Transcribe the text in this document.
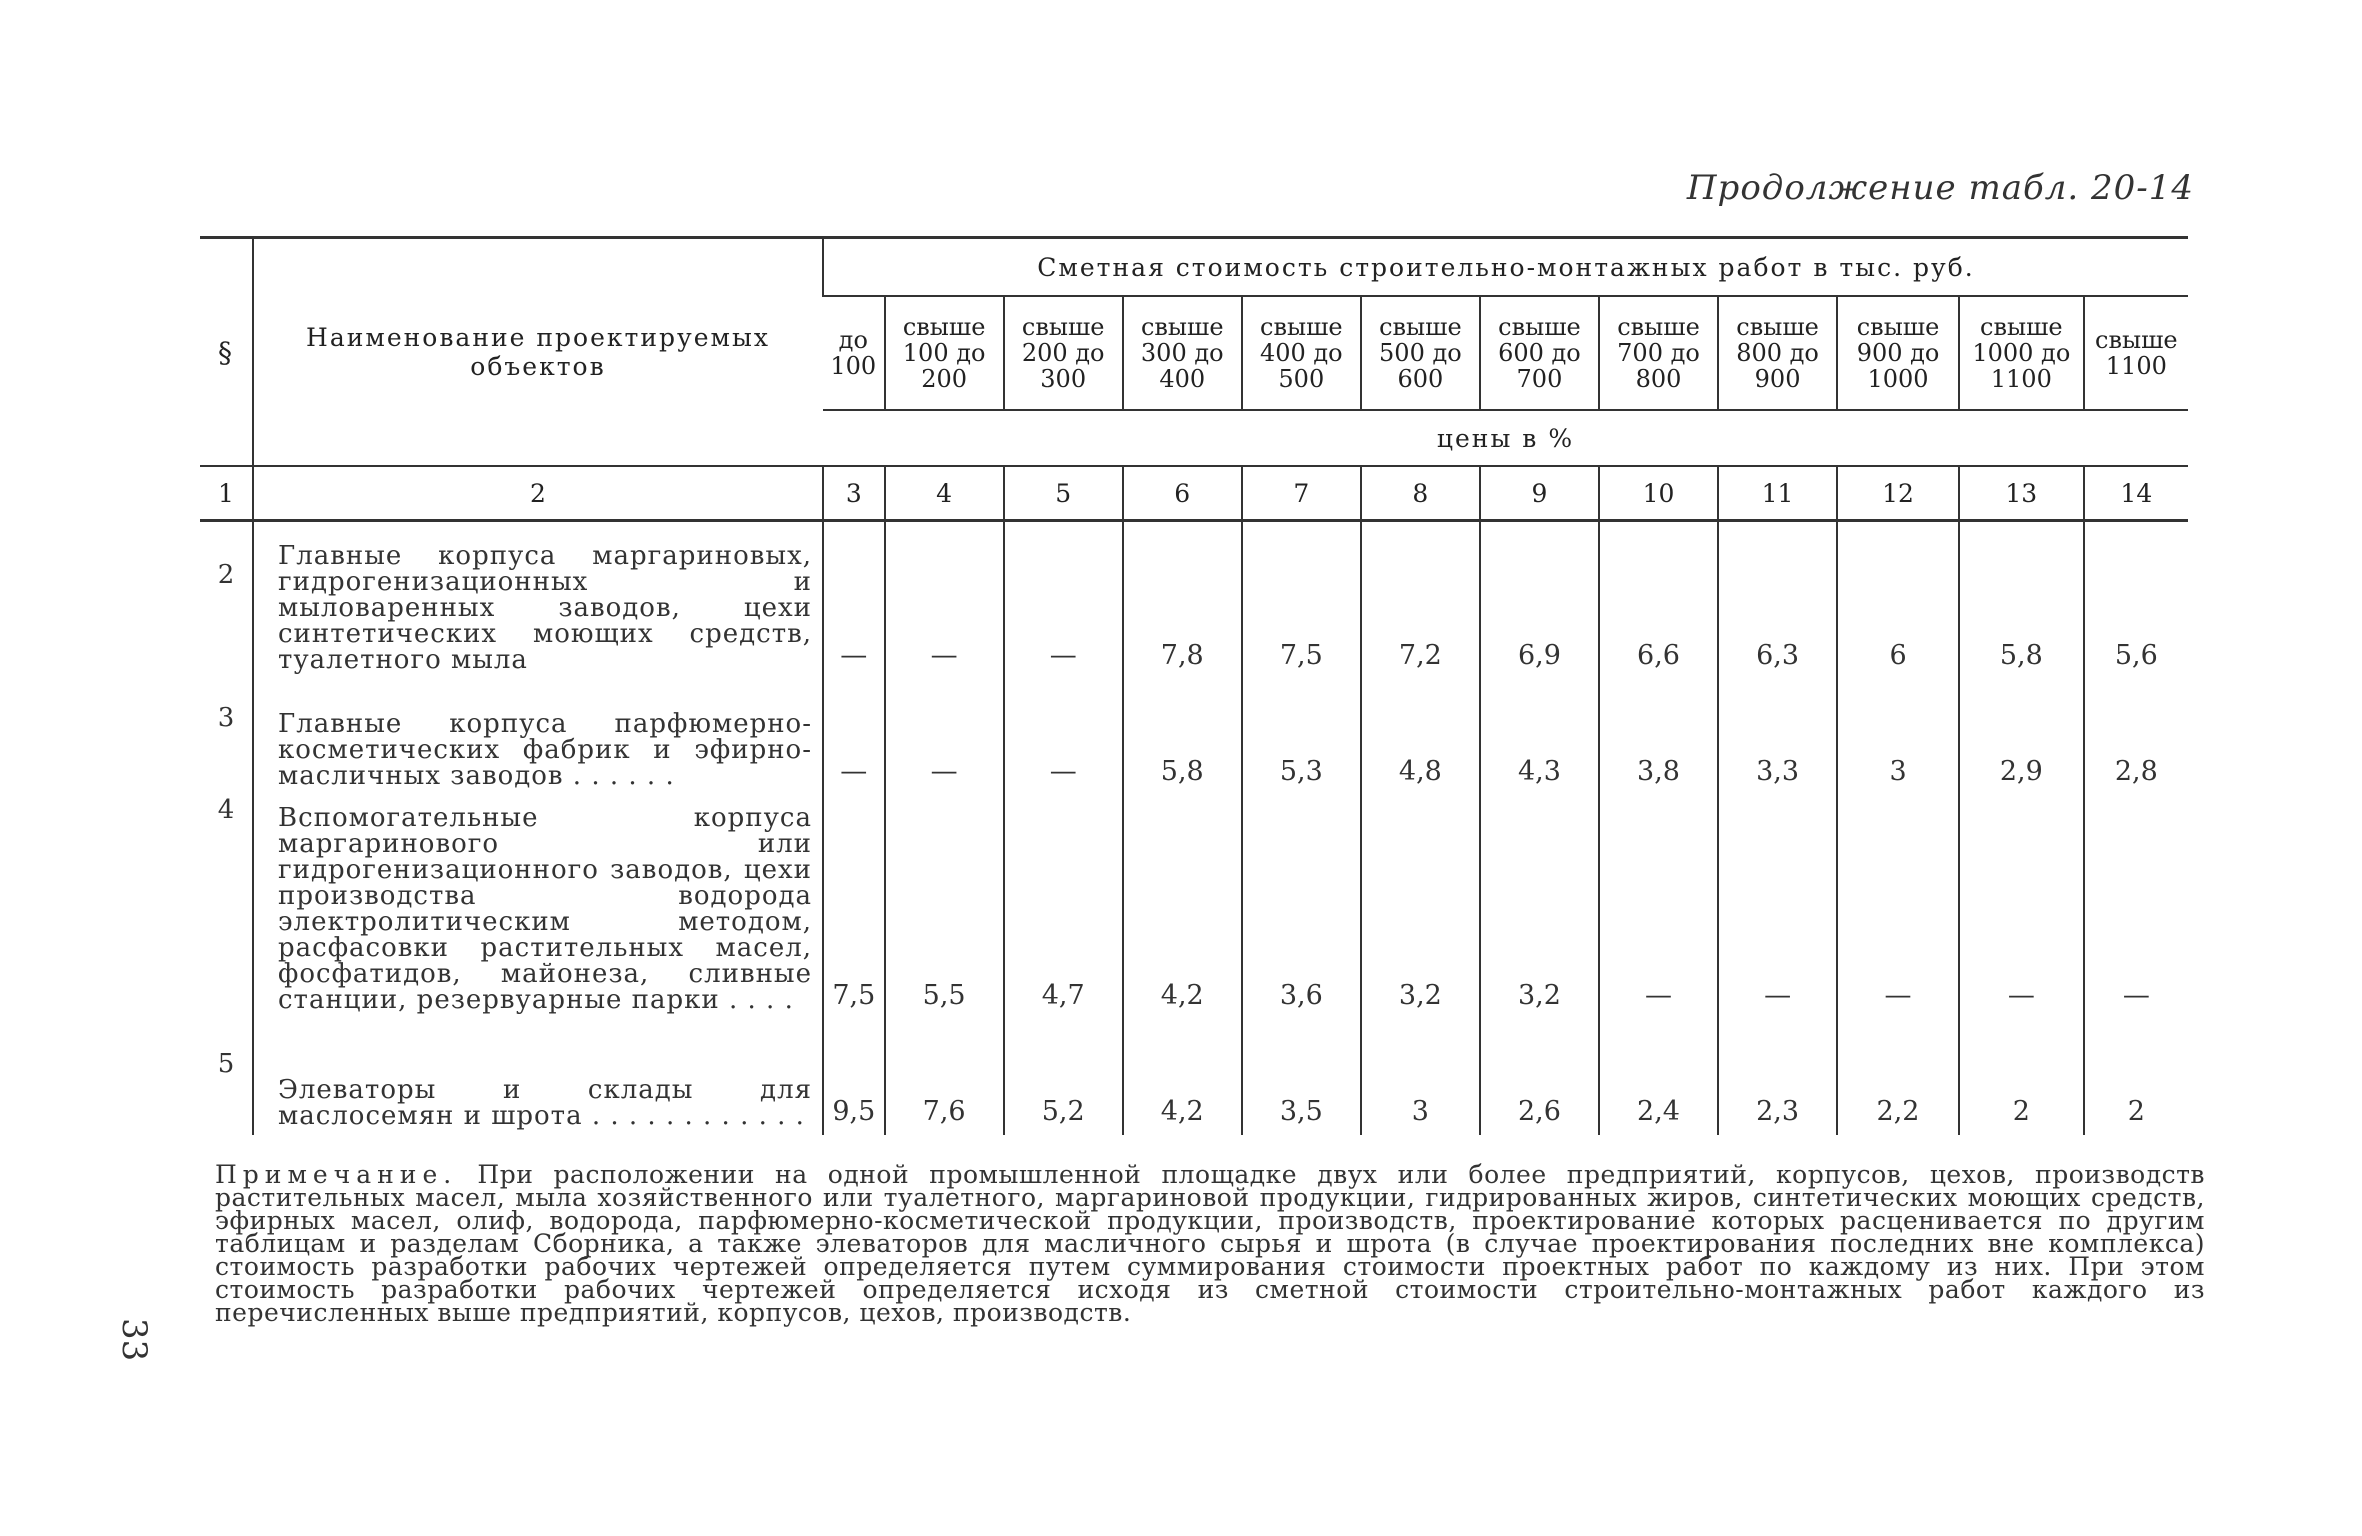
Продолжение табл. 20-14
§	Наименование проектируемых объектов	Сметная стоимость строительно-монтажных работ в тыс. руб.											
		до 100	свыше 100 до 200	свыше 200 до 300	свыше 300 до 400	свыше 400 до 500	свыше 500 до 600	свыше 600 до 700	свыше 700 до 800	свыше 800 до 900	свыше 900 до 1000	свыше 1000 до 1100	свыше 1100
		цены в %											
1	2	3	4	5	6	7	8	9	10	11	12	13	14
2	Главные корпуса маргариновых, гидрогенизационных и мыловаренных заводов, цехи синтетических моющих средств, туалетного мыла	—	—	—	7,8	7,5	7,2	6,9	6,6	6,3	6	5,8	5,6
3	Главные корпуса парфюмерно-косметических фабрик и эфирно-масличных заводов . . . . . .	—	—	—	5,8	5,3	4,8	4,3	3,8	3,3	3	2,9	2,8
4	Вспомогательные корпуса маргаринового или гидрогенизационного заводов, цехи производства водорода электролитическим методом, расфасовки растительных масел, фосфатидов, майонеза, сливные станции, резервуарные парки . . . .	7,5	5,5	4,7	4,2	3,6	3,2	3,2	—	—	—	—	—
5	Элеваторы и склады для маслосемян и шрота . . . . . . . . . . . .	9,5	7,6	5,2	4,2	3,5	3	2,6	2,4	2,3	2,2	2	2
Примечание. При расположении на одной промышленной площадке двух или более предприятий, корпусов, цехов, производств растительных масел, мыла хозяйственного или туалетного, маргариновой продукции, гидрированных жиров, синтетических моющих средств, эфирных масел, олиф, водорода, парфюмерно-косметической продукции, производств, проектирование которых расценивается по другим таблицам и разделам Сборника, а также элеваторов для масличного сырья и шрота (в случае проектирования последних вне комплекса) стоимость разработки рабочих чертежей определяется путем суммирования стоимости проектных работ по каждому из них. При этом стоимость разработки рабочих чертежей определяется исходя из сметной стоимости строительно-монтажных работ каждого из перечисленных выше предприятий, корпусов, цехов, производств.
33
